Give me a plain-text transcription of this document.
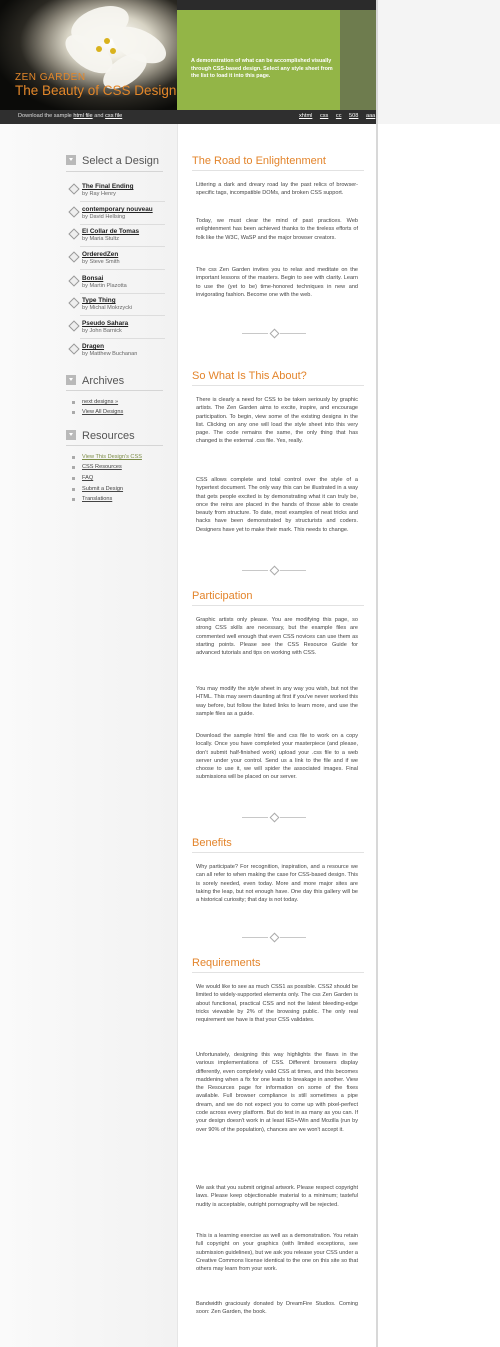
ZEN GARDEN
The Beauty of CSS Design
A demonstration of what can be accomplished visually through CSS-based design. Select any style sheet from the list to load it into this page.
Download the sample html file and css file	xhtml css cc 508 aaa
Select a Design
The Final Ending
by Ray Henry
contemporary nouveau
by David Hellsing
El Collar de Tomas
by Maria Stultz
OrderedZen
by Steve Smith
Bonsai
by Martin Plazotta
Type Thing
by Michal Mokrzycki
Pseudo Sahara
by John Barnick
Dragen
by Matthew Buchanan
Archives
next designs »
View All Designs
Resources
View This Design's CSS
CSS Resources
FAQ
Submit a Design
Translations
The Road to Enlightenment
Littering a dark and dreary road lay the past relics of browser-specific tags, incompatible DOMs, and broken CSS support.
Today, we must clear the mind of past practices. Web enlightenment has been achieved thanks to the tireless efforts of folk like the W3C, WaSP and the major browser creators.
The css Zen Garden invites you to relax and meditate on the important lessons of the masters. Begin to see with clarity. Learn to use the (yet to be) time-honored techniques in new and invigorating fashion. Become one with the web.
So What Is This About?
There is clearly a need for CSS to be taken seriously by graphic artists. The Zen Garden aims to excite, inspire, and encourage participation. To begin, view some of the existing designs in the list. Clicking on any one will load the style sheet into this very page. The code remains the same, the only thing that has changed is the external .css file. Yes, really.
CSS allows complete and total control over the style of a hypertext document. The only way this can be illustrated in a way that gets people excited is by demonstrating what it can truly be, once the reins are placed in the hands of those able to create beauty from structure. To date, most examples of neat tricks and hacks have been demonstrated by structurists and coders. Designers have yet to make their mark. This needs to change.
Participation
Graphic artists only please. You are modifying this page, so strong CSS skills are necessary, but the example files are commented well enough that even CSS novices can use them as starting points. Please see the CSS Resource Guide for advanced tutorials and tips on working with CSS.
You may modify the style sheet in any way you wish, but not the HTML. This may seem daunting at first if you've never worked this way before, but follow the listed links to learn more, and use the sample files as a guide.
Download the sample html file and css file to work on a copy locally. Once you have completed your masterpiece (and please, don't submit half-finished work) upload your .css file to a web server under your control. Send us a link to the file and if we choose to use it, we will spider the associated images. Final submissions will be placed on our server.
Benefits
Why participate? For recognition, inspiration, and a resource we can all refer to when making the case for CSS-based design. This is sorely needed, even today. More and more major sites are taking the leap, but not enough have. One day this gallery will be a historical curiosity; that day is not today.
Requirements
We would like to see as much CSS1 as possible. CSS2 should be limited to widely-supported elements only. The css Zen Garden is about functional, practical CSS and not the latest bleeding-edge tricks viewable by 2% of the browsing public. The only real requirement we have is that your CSS validates.
Unfortunately, designing this way highlights the flaws in the various implementations of CSS. Different browsers display differently, even completely valid CSS at times, and this becomes maddening when a fix for one leads to breakage in another. View the Resources page for information on some of the fixes available. Full browser compliance is still sometimes a pipe dream, and we do not expect you to come up with pixel-perfect code across every platform. But do test in as many as you can. If your design doesn't work in at least IE5+/Win and Mozilla (run by over 90% of the population), chances are we won't accept it.
We ask that you submit original artwork. Please respect copyright laws. Please keep objectionable material to a minimum; tasteful nudity is acceptable, outright pornography will be rejected.
This is a learning exercise as well as a demonstration. You retain full copyright on your graphics (with limited exceptions, see submission guidelines), but we ask you release your CSS under a Creative Commons license identical to the one on this site so that others may learn from your work.
Bandwidth graciously donated by DreamFire Studios. Coming soon: Zen Garden, the book.
